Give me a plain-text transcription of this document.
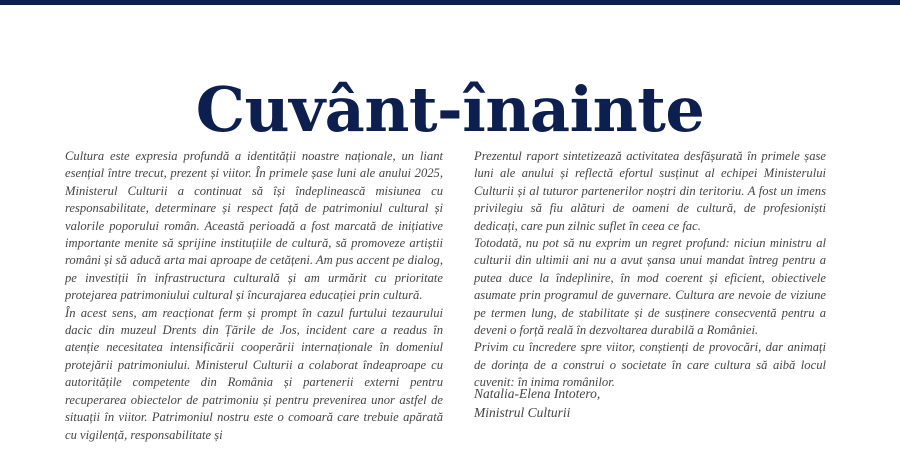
Cuvânt-înainte

Cultura este expresia profundă a identității noastre naționale, un liant esențial între trecut, prezent și viitor. În primele șase luni ale anului 2025, Ministerul Culturii a continuat să își îndeplinească misiunea cu responsabilitate, determinare și respect față de patrimoniul cultural și valorile poporului român. Această perioadă a fost marcată de inițiative importante menite să sprijine instituțiile de cultură, să promoveze artiștii români și să aducă arta mai aproape de cetățeni. Am pus accent pe dialog, pe investiții în infrastructura culturală și am urmărit cu prioritate protejarea patrimoniului cultural și încurajarea educației prin cultură.

În acest sens, am reacționat ferm și prompt în cazul furtului tezaurului dacic din muzeul Drents din Țările de Jos, incident care a readus în atenție necesitatea intensificării cooperării internaționale în domeniul protejării patrimoniului. Ministerul Culturii a colaborat îndeaproape cu autoritățile competente din România și partenerii externi pentru recuperarea obiectelor de patrimoniu și pentru prevenirea unor astfel de situații în viitor. Patrimoniul nostru este o comoară care trebuie apărată cu vigilență, responsabilitate și

Prezentul raport sintetizează activitatea desfășurată în primele șase luni ale anului și reflectă efortul susținut al echipei Ministerului Culturii și al tuturor partenerilor noștri din teritoriu. A fost un imens privilegiu să fiu alături de oameni de cultură, de profesioniști dedicați, care pun zilnic suflet în ceea ce fac.

Totodată, nu pot să nu exprim un regret profund: niciun ministru al culturii din ultimii ani nu a avut șansa unui mandat întreg pentru a putea duce la îndeplinire, în mod coerent și eficient, obiectivele asumate prin programul de guvernare. Cultura are nevoie de viziune pe termen lung, de stabilitate și de susținere consecventă pentru a deveni o forță reală în dezvoltarea durabilă a României.

Privim cu încredere spre viitor, conștienți de provocări, dar animați de dorința de a construi o societate în care cultura să aibă locul cuvenit: în inima românilor.

Natalia-Elena Intotero,
Ministrul Culturii
